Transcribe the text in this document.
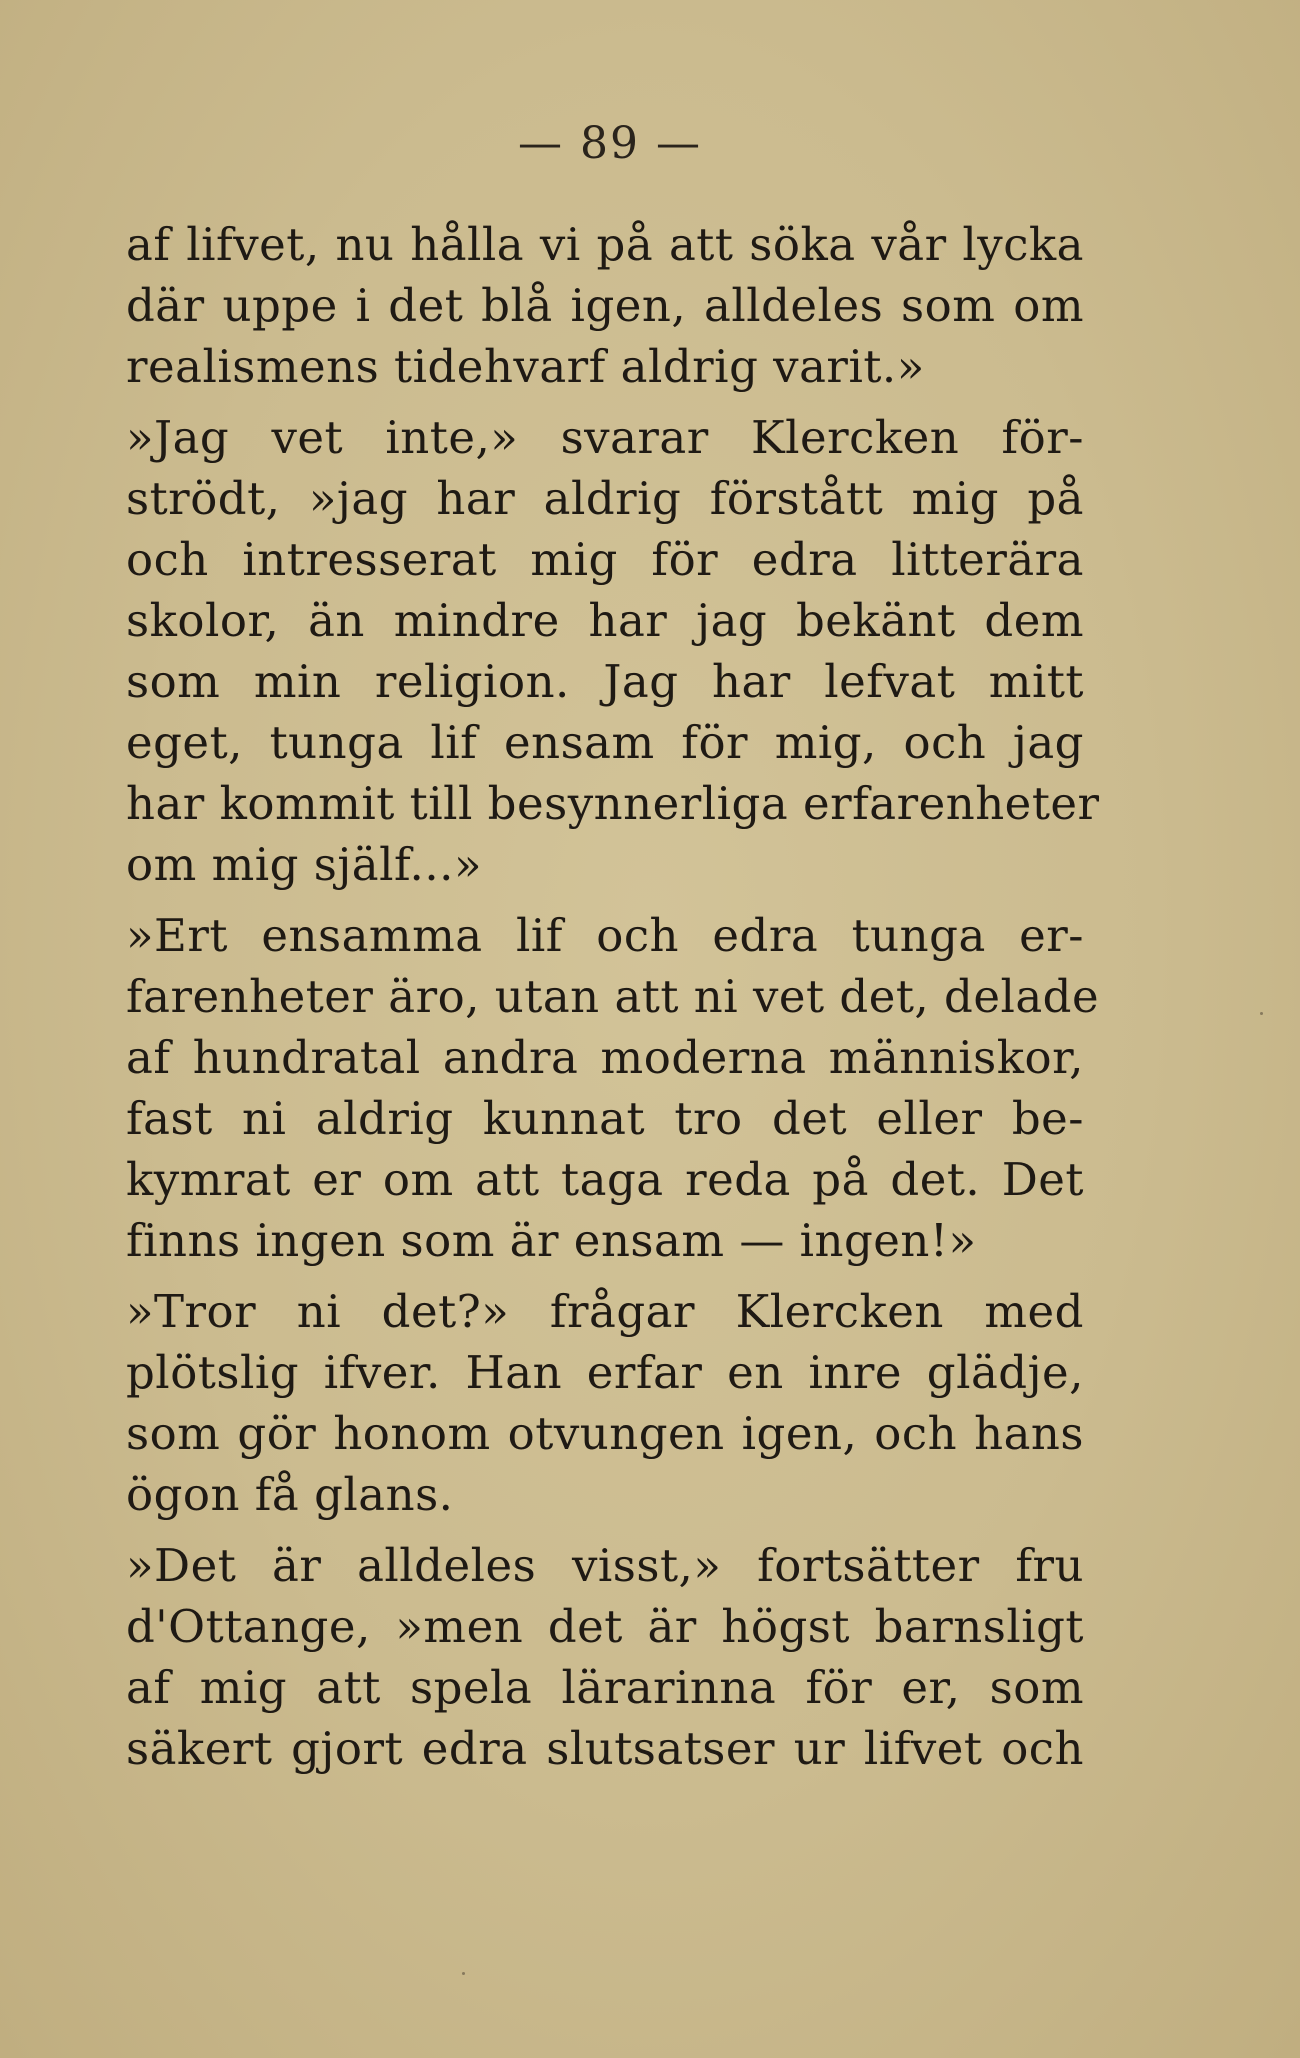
— 89 —
af lifvet, nu hålla vi på att söka vår lycka
där uppe i det blå igen, alldeles som om
realismens tidehvarf aldrig varit.»
»Jag vet inte,» svarar Klercken för-
strödt, »jag har aldrig förstått mig på
och intresserat mig för edra litterära
skolor, än mindre har jag bekänt dem
som min religion. Jag har lefvat mitt
eget, tunga lif ensam för mig, och jag
har kommit till besynnerliga erfarenheter
om mig själf...»
»Ert ensamma lif och edra tunga er-
farenheter äro, utan att ni vet det, delade
af hundratal andra moderna människor,
fast ni aldrig kunnat tro det eller be-
kymrat er om att taga reda på det. Det
finns ingen som är ensam — ingen!»
»Tror ni det?» frågar Klercken med
plötslig ifver. Han erfar en inre glädje,
som gör honom otvungen igen, och hans
ögon få glans.
»Det är alldeles visst,» fortsätter fru
d'Ottange, »men det är högst barnsligt
af mig att spela lärarinna för er, som
säkert gjort edra slutsatser ur lifvet och
